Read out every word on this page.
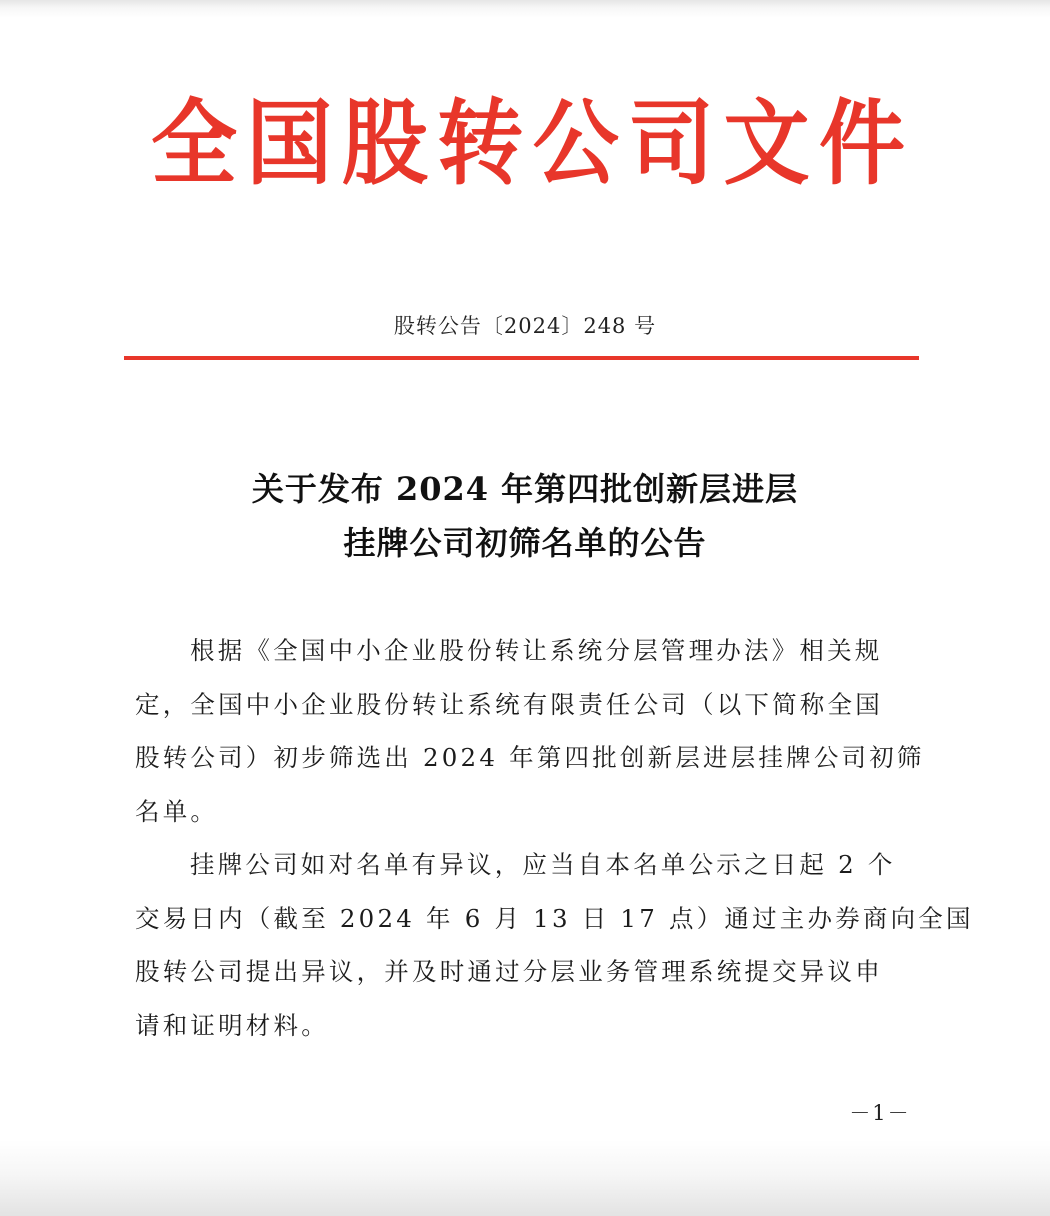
全 国 股 转 公 司 文 件
股转公告〔2024〕248 号
关于发布 2024 年第四批创新层进层
挂牌公司初筛名单的公告
根据《全国中小企业股份转让系统分层管理办法》相关规
定，全国中小企业股份转让系统有限责任公司（以下简称全国
股转公司）初步筛选出 2024 年第四批创新层进层挂牌公司初筛
名单。
挂牌公司如对名单有异议，应当自本名单公示之日起 2 个
交易日内（截至 2024 年 6 月 13 日 17 点）通过主办券商向全国
股转公司提出异议，并及时通过分层业务管理系统提交异议申
请和证明材料。
－1－
